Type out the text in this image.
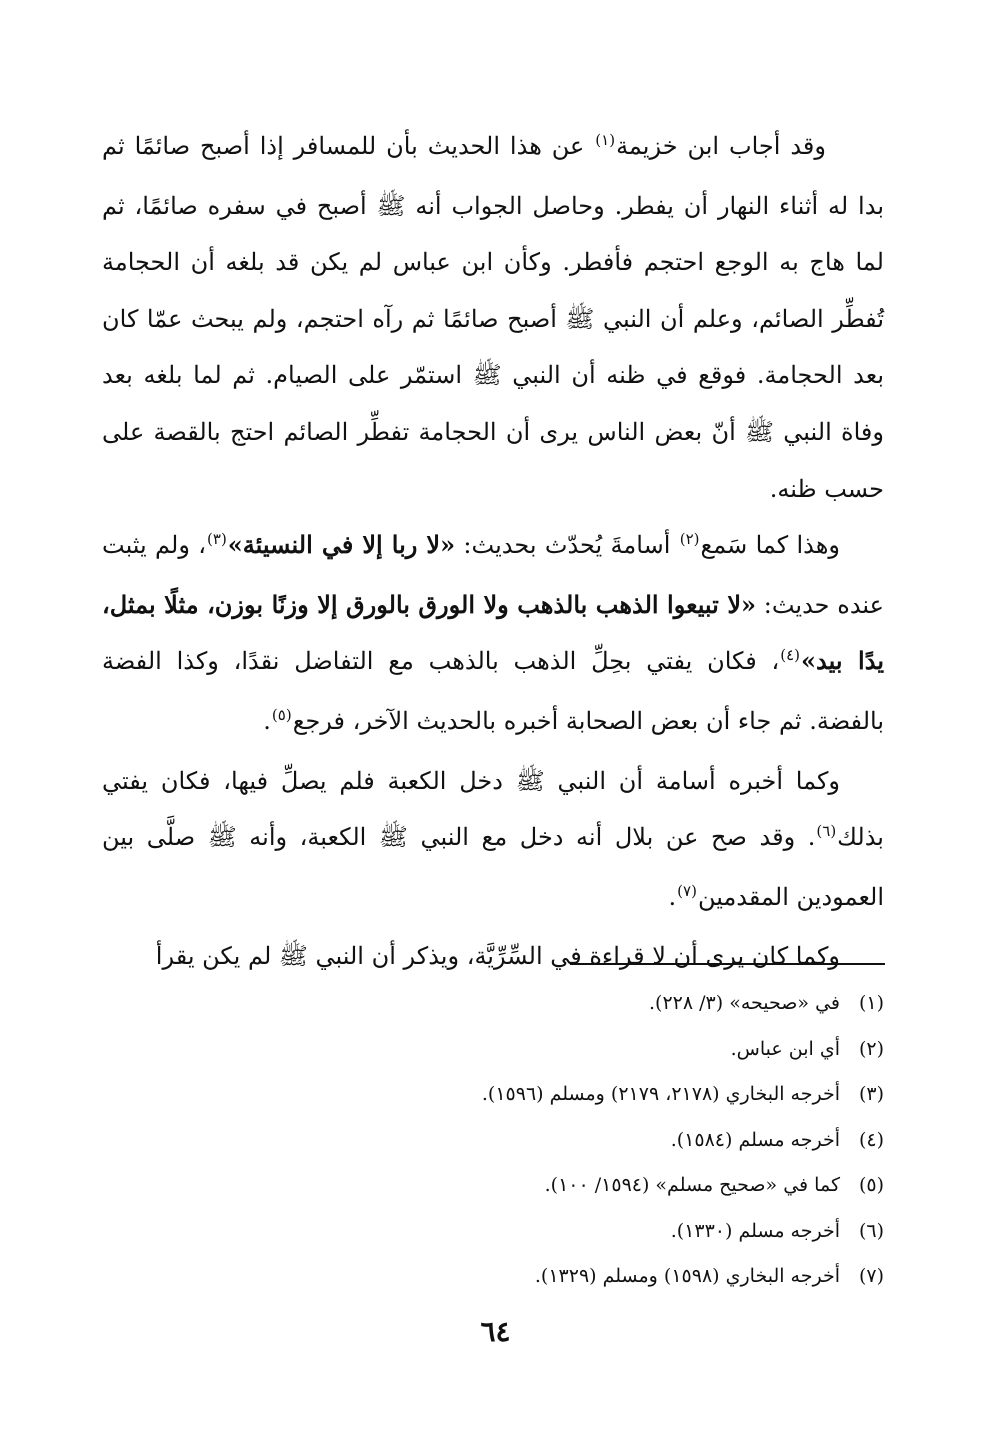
وقد أجاب ابن خزيمة$^{(١)}$ عن هذا الحديث بأن للمسافر إذا أصبح صائمًا ثم بدا له أثناء النهار أن يفطر. وحاصل الجواب أنه ﷺ أصبح في سفره صائمًا، ثم لما هاج به الوجع احتجم فأفطر. وكأن ابن عباس لم يكن قد بلغه أن الحجامة تُفطِّر الصائم، وعلم أن النبي ﷺ أصبح صائمًا ثم رآه احتجم، ولم يبحث عمّا كان بعد الحجامة. فوقع في ظنه أن النبي ﷺ استمّر على الصيام. ثم لما بلغه بعد وفاة النبي ﷺ أنّ بعض الناس يرى أن الحجامة تفطِّر الصائم احتج بالقصة على حسب ظنه.

وهذا كما سَمع$^{(٢)}$ أسامةَ يُحدّث بحديث: «لا ربا إلا في النسيئة»$^{(٣)}$، ولم يثبت عنده حديث: «لا تبيعوا الذهب بالذهب ولا الورق بالورق إلا وزنًا بوزن، مثلًا بمثل، يدًا بيد»$^{(٤)}$، فكان يفتي بحِلِّ الذهب بالذهب مع التفاضل نقدًا، وكذا الفضة بالفضة. ثم جاء أن بعض الصحابة أخبره بالحديث الآخر، فرجع$^{(٥)}$.

وكما أخبره أسامة أن النبي ﷺ دخل الكعبة فلم يصلِّ فيها، فكان يفتي بذلك$^{(٦)}$. وقد صح عن بلال أنه دخل مع النبي ﷺ الكعبة، وأنه ﷺ صلَّى بين العمودين المقدمين$^{(٧)}$.

وكما كان يرى أن لا قراءة في السِّرِّيَّة، ويذكر أن النبي ﷺ لم يكن يقرأ

(١)في «صحيحه» (٣/ ٢٢٨).
(٢)أي ابن عباس.
(٣)أخرجه البخاري (٢١٧٨، ٢١٧٩) ومسلم (١٥٩٦).
(٤)أخرجه مسلم (١٥٨٤).
(٥)كما في «صحيح مسلم» (١٥٩٤/ ١٠٠).
(٦)أخرجه مسلم (١٣٣٠).
(٧)أخرجه البخاري (١٥٩٨) ومسلم (١٣٢٩).
٦٤
